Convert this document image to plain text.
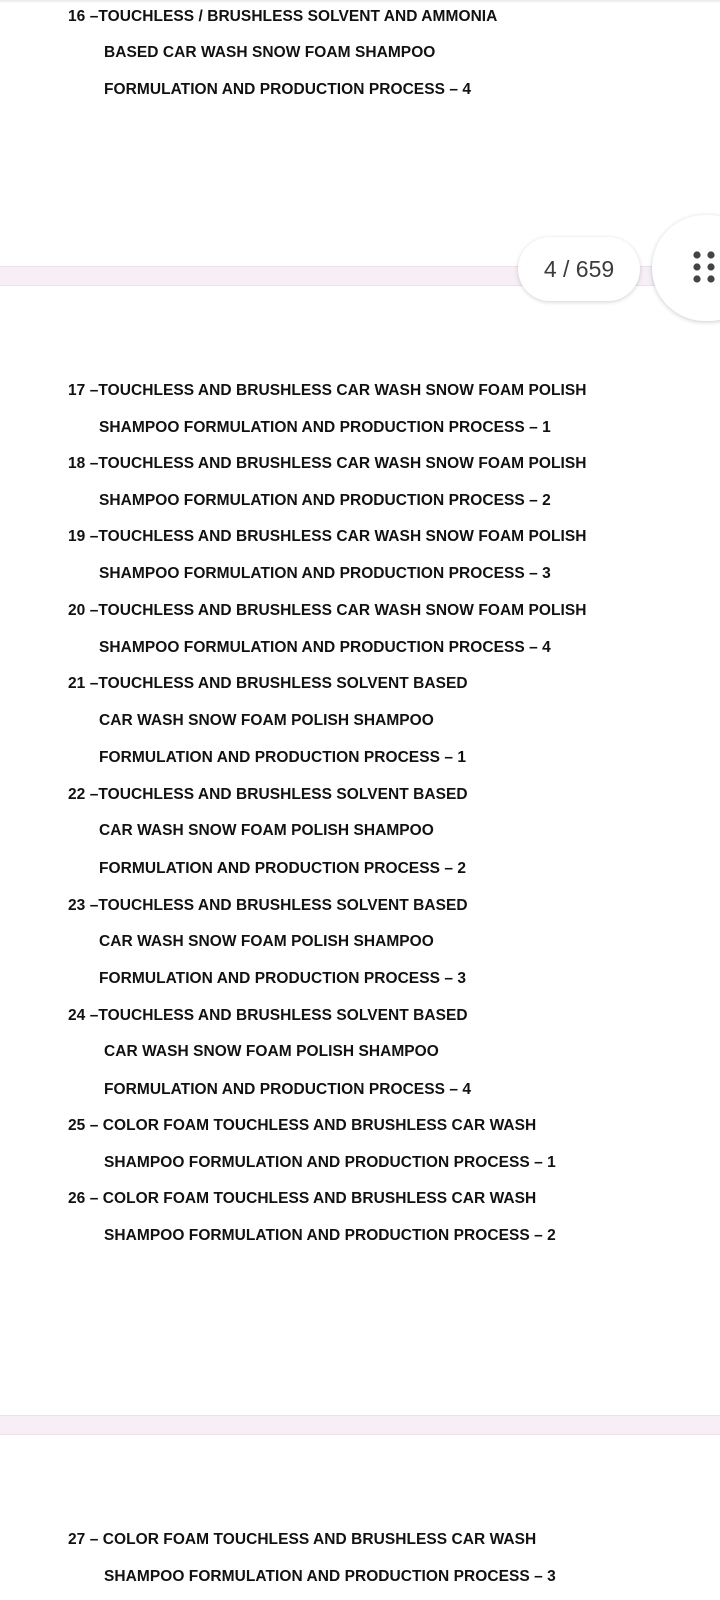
16 –TOUCHLESS / BRUSHLESS SOLVENT AND AMMONIA
BASED CAR WASH SNOW FOAM SHAMPOO
FORMULATION AND PRODUCTION PROCESS – 4
17 –TOUCHLESS AND BRUSHLESS CAR WASH SNOW FOAM POLISH
SHAMPOO FORMULATION AND PRODUCTION PROCESS – 1
18 –TOUCHLESS AND BRUSHLESS CAR WASH SNOW FOAM POLISH
SHAMPOO FORMULATION AND PRODUCTION PROCESS – 2
19 –TOUCHLESS AND BRUSHLESS CAR WASH SNOW FOAM POLISH
SHAMPOO FORMULATION AND PRODUCTION PROCESS – 3
20 –TOUCHLESS AND BRUSHLESS CAR WASH SNOW FOAM POLISH
SHAMPOO FORMULATION AND PRODUCTION PROCESS – 4
21 –TOUCHLESS AND BRUSHLESS SOLVENT BASED
CAR WASH SNOW FOAM POLISH SHAMPOO
FORMULATION AND PRODUCTION PROCESS – 1
22 –TOUCHLESS AND BRUSHLESS SOLVENT BASED
CAR WASH SNOW FOAM POLISH SHAMPOO
FORMULATION AND PRODUCTION PROCESS – 2
23 –TOUCHLESS AND BRUSHLESS SOLVENT BASED
CAR WASH SNOW FOAM POLISH SHAMPOO
FORMULATION AND PRODUCTION PROCESS – 3
24 –TOUCHLESS AND BRUSHLESS SOLVENT BASED
CAR WASH SNOW FOAM POLISH SHAMPOO
FORMULATION AND PRODUCTION PROCESS – 4
25 – COLOR FOAM TOUCHLESS AND BRUSHLESS CAR WASH
SHAMPOO FORMULATION AND PRODUCTION PROCESS – 1
26 – COLOR FOAM TOUCHLESS AND BRUSHLESS CAR WASH
SHAMPOO FORMULATION AND PRODUCTION PROCESS – 2
27 – COLOR FOAM TOUCHLESS AND BRUSHLESS CAR WASH
SHAMPOO FORMULATION AND PRODUCTION PROCESS – 3
4 / 659
